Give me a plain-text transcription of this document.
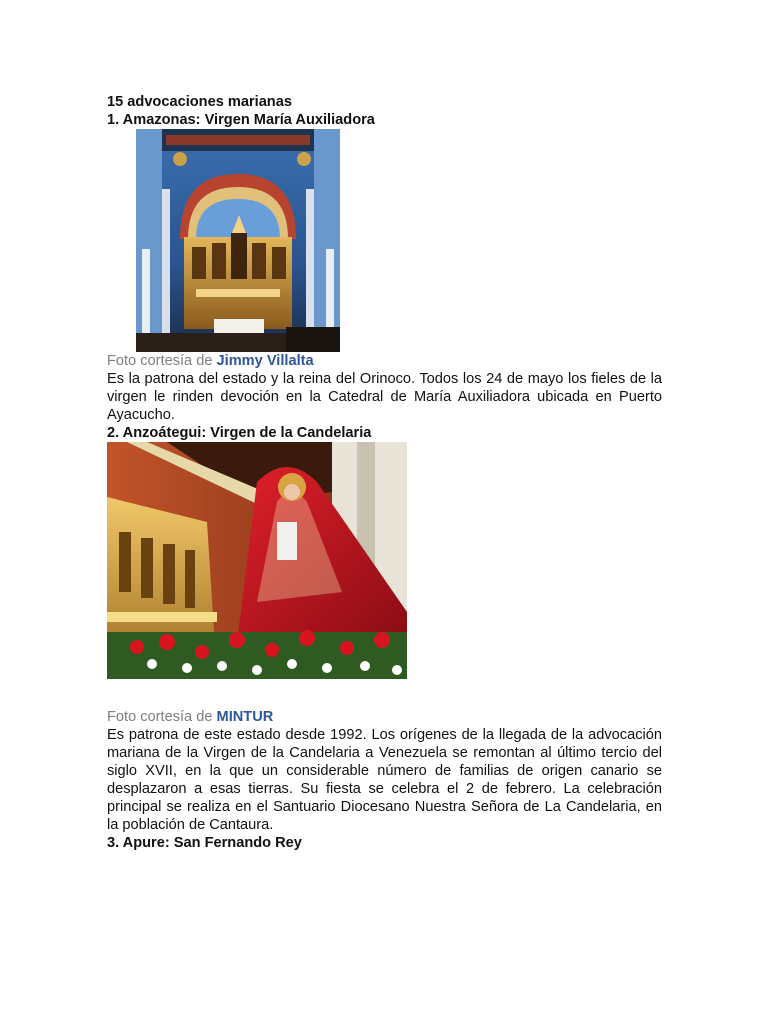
15 advocaciones marianas
1. Amazonas: Virgen María Auxiliadora
Foto cortesía de Jimmy Villalta

Es la patrona del estado y la reina del Orinoco. Todos los 24 de mayo los fieles de la virgen le rinden devoción en la Catedral de María Auxiliadora ubicada en Puerto Ayacucho.

2. Anzoátegui: Virgen de la Candelaria
Foto cortesía de MINTUR

Es patrona de este estado desde 1992. Los orígenes de la llegada de la advocación mariana de la Virgen de la Candelaria a Venezuela se remontan al último tercio del siglo XVII, en la que un considerable número de familias de origen canario se desplazaron a esas tierras. Su fiesta se celebra el 2 de febrero. La celebración principal se realiza en el Santuario Diocesano Nuestra Señora de La Candelaria, en la población de Cantaura.

3. Apure: San Fernando Rey
